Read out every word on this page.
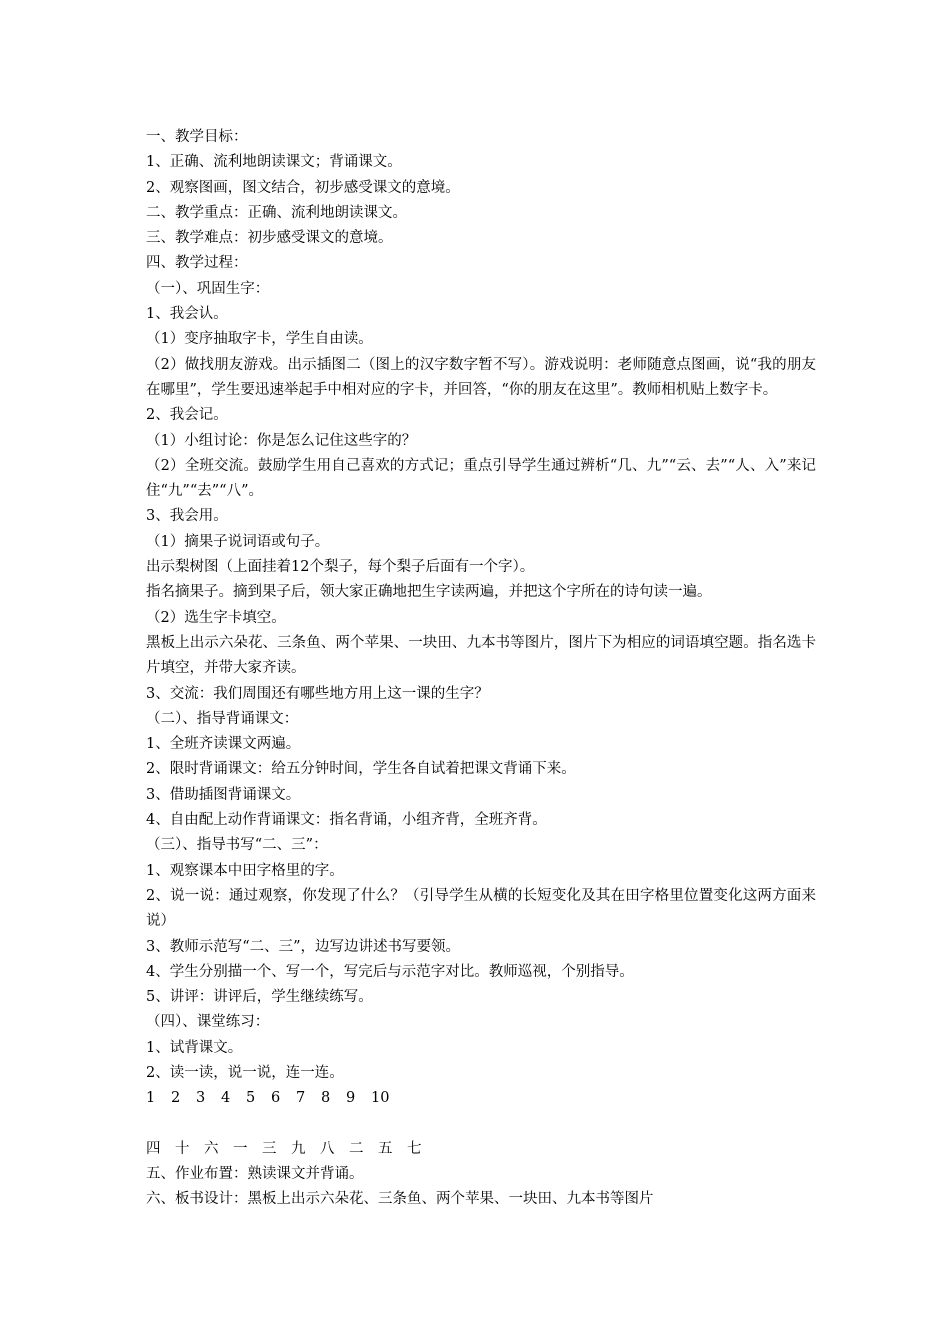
一、教学目标：
1、正确、流利地朗读课文；背诵课文。
2、观察图画，图文结合，初步感受课文的意境。
二、教学重点：正确、流利地朗读课文。
三、教学难点：初步感受课文的意境。
四、教学过程：
（一）、巩固生字：
1、我会认。
（1）变序抽取字卡，学生自由读。
（2）做找朋友游戏。出示插图二（图上的汉字数字暂不写）。游戏说明：老师随意点图画，说“我的朋友在哪里”，学生要迅速举起手中相对应的字卡，并回答，“你的朋友在这里”。教师相机贴上数字卡。
2、我会记。
（1）小组讨论：你是怎么记住这些字的？
（2）全班交流。鼓励学生用自己喜欢的方式记；重点引导学生通过辨析“几、九”“云、去”“人、入”来记住“九”“去”“八”。
3、我会用。
（1）摘果子说词语或句子。
出示梨树图（上面挂着12个梨子，每个梨子后面有一个字）。
指名摘果子。摘到果子后，领大家正确地把生字读两遍，并把这个字所在的诗句读一遍。
（2）选生字卡填空。
黑板上出示六朵花、三条鱼、两个苹果、一块田、九本书等图片，图片下为相应的词语填空题。指名选卡片填空，并带大家齐读。
3、交流：我们周围还有哪些地方用上这一课的生字？
（二）、指导背诵课文：
1、全班齐读课文两遍。
2、限时背诵课文：给五分钟时间，学生各自试着把课文背诵下来。
3、借助插图背诵课文。
4、自由配上动作背诵课文：指名背诵，小组齐背，全班齐背。
（三）、指导书写“二、三”：
1、观察课本中田字格里的字。
2、说一说：通过观察，你发现了什么？（引导学生从横的长短变化及其在田字格里位置变化这两方面来说）
3、教师示范写“二、三”，边写边讲述书写要领。
4、学生分别描一个、写一个，写完后与示范字对比。教师巡视，个别指导。
5、讲评：讲评后，学生继续练写。
（四）、课堂练习：
1、试背课文。
2、读一读，说一说，连一连。
1 2 3 4 5 6 7 8 9 10
四 十 六 一 三 九 八 二 五 七
五、作业布置：熟读课文并背诵。
六、板书设计：黑板上出示六朵花、三条鱼、两个苹果、一块田、九本书等图片
